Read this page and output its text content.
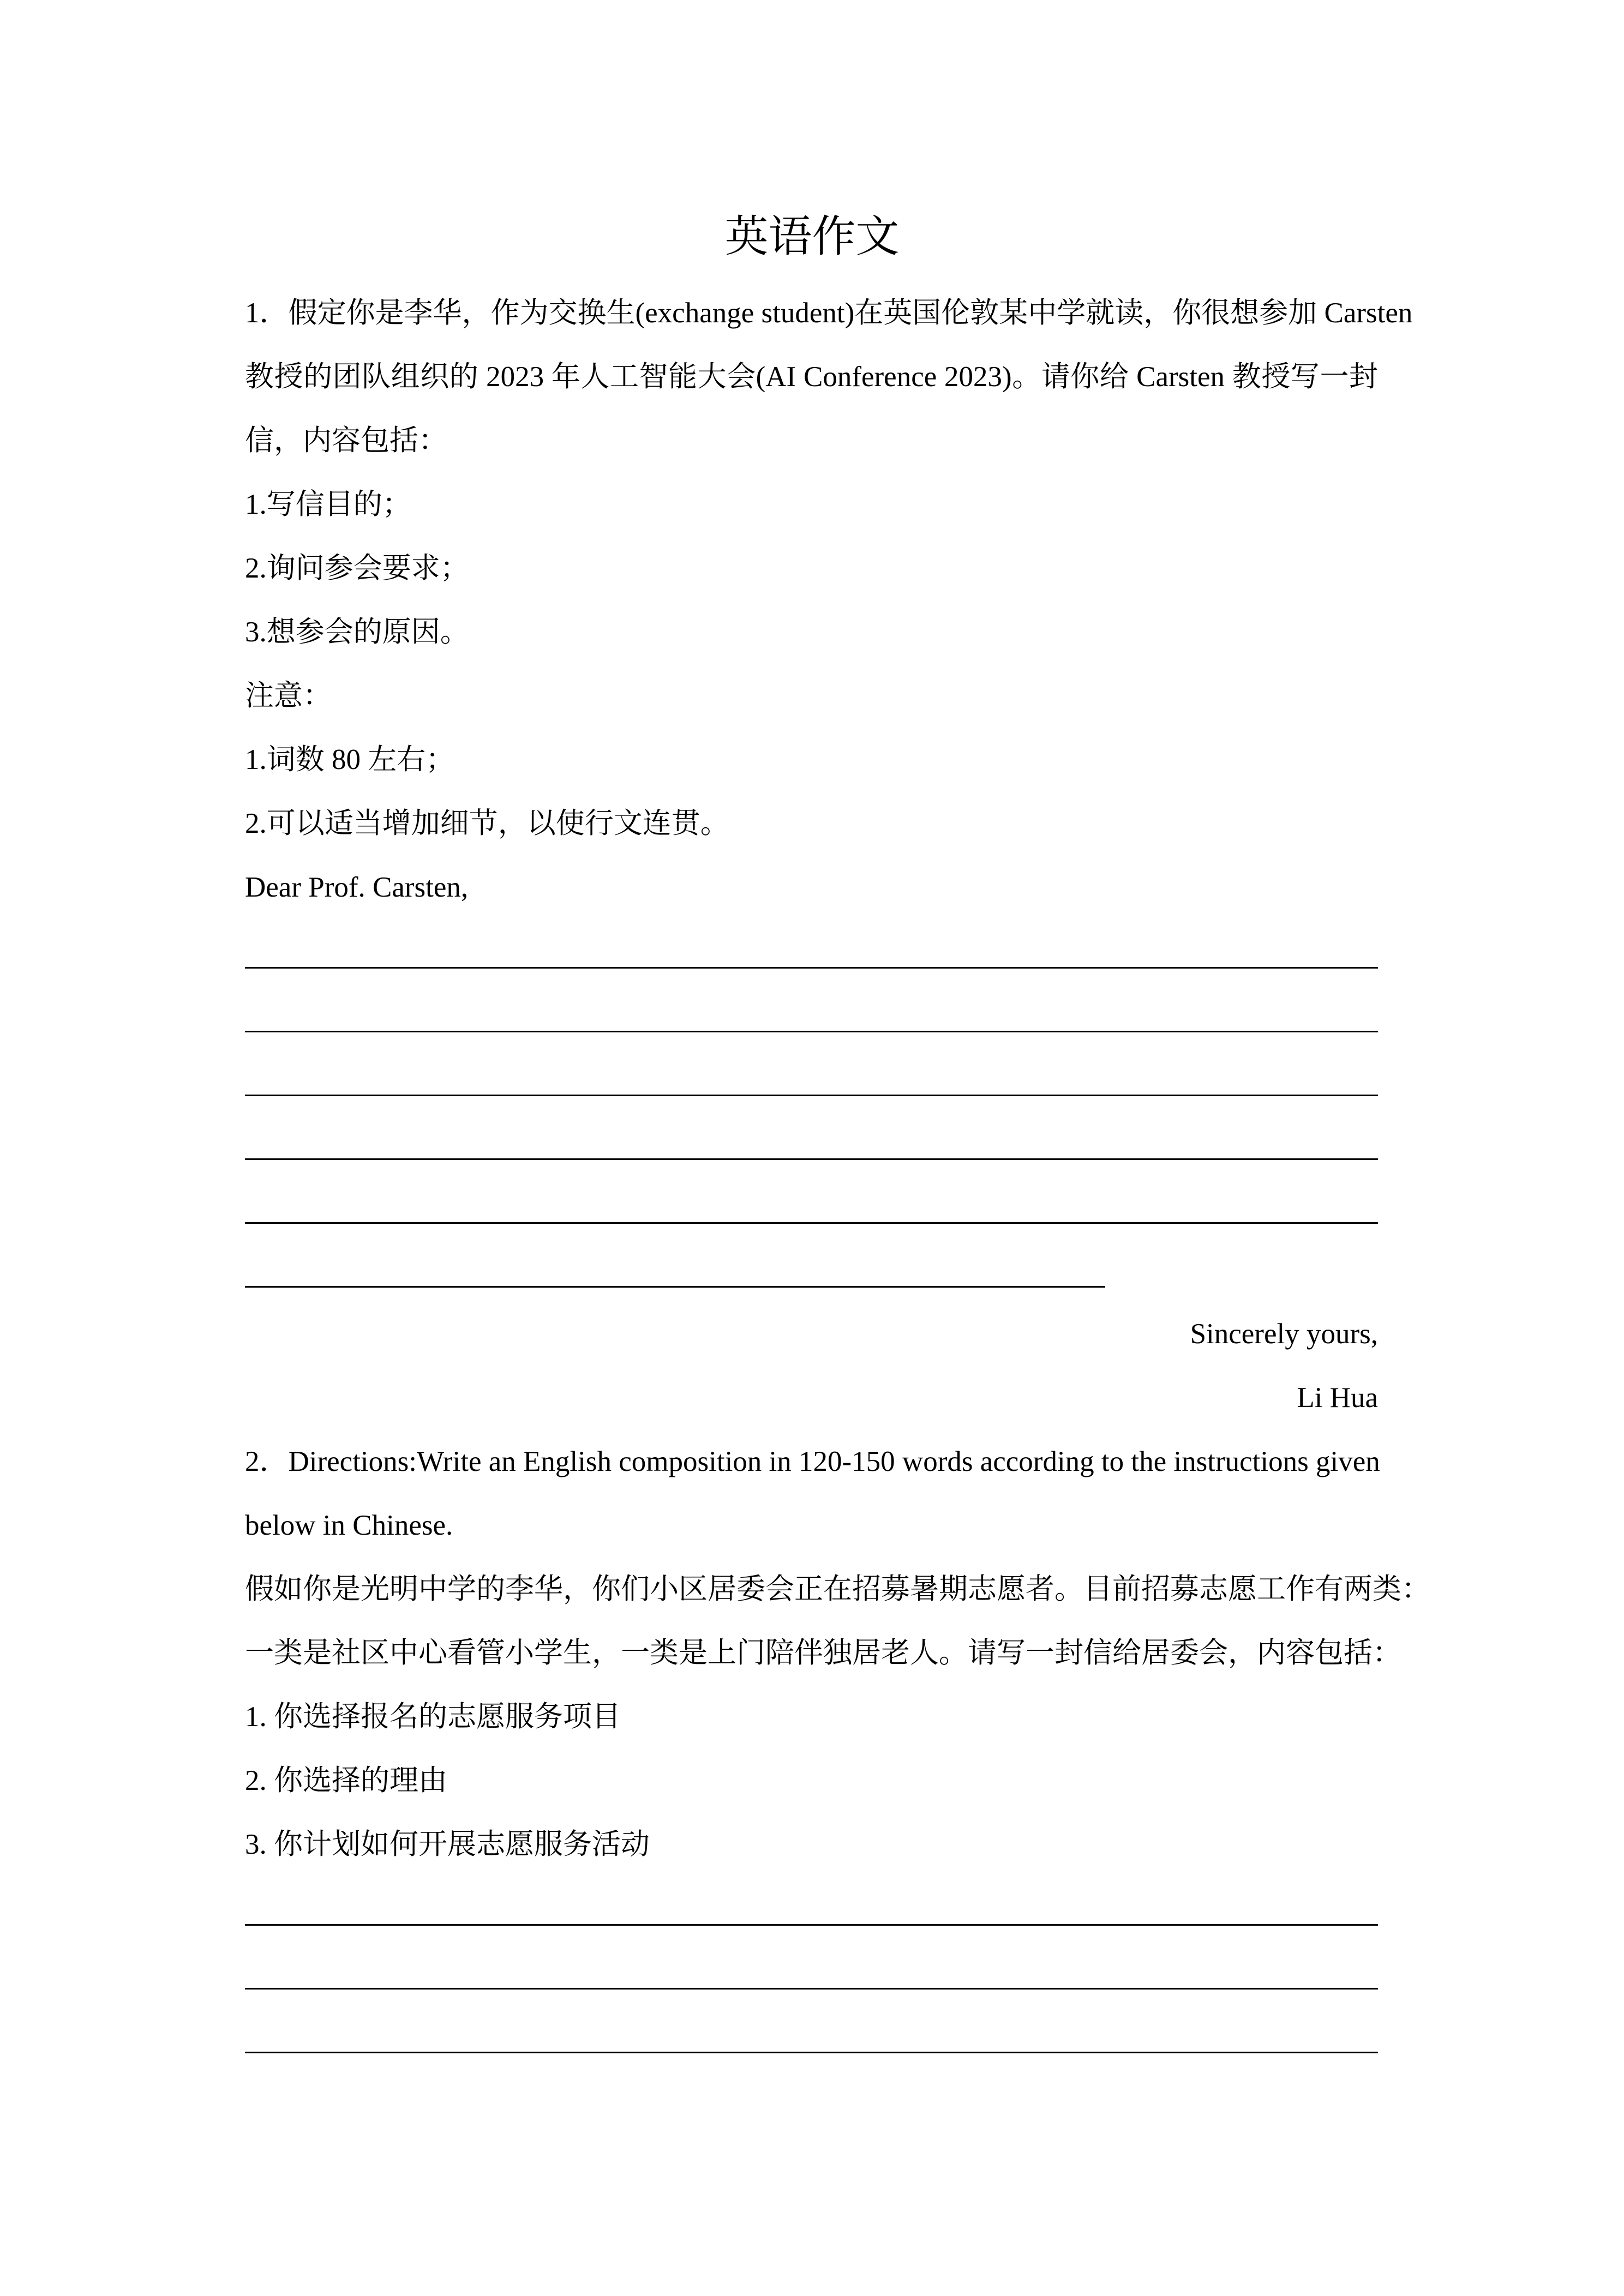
英语作文
1．假定你是李华，作为交换生(exchange student)在英国伦敦某中学就读，你很想参加 Carsten
教授的团队组织的 2023 年人工智能大会(AI Conference 2023)。请你给 Carsten 教授写一封
信，内容包括：
1.写信目的；
2.询问参会要求；
3.想参会的原因。
注意：
1.词数 80 左右；
2.可以适当增加细节，以使行文连贯。
Dear Prof. Carsten,
Sincerely yours,
Li Hua
2．Directions:Write an English composition in 120-150 words according to the instructions given
below in Chinese.
假如你是光明中学的李华，你们小区居委会正在招募暑期志愿者。目前招募志愿工作有两类：
一类是社区中心看管小学生，一类是上门陪伴独居老人。请写一封信给居委会，内容包括：
1. 你选择报名的志愿服务项目
2. 你选择的理由
3. 你计划如何开展志愿服务活动
